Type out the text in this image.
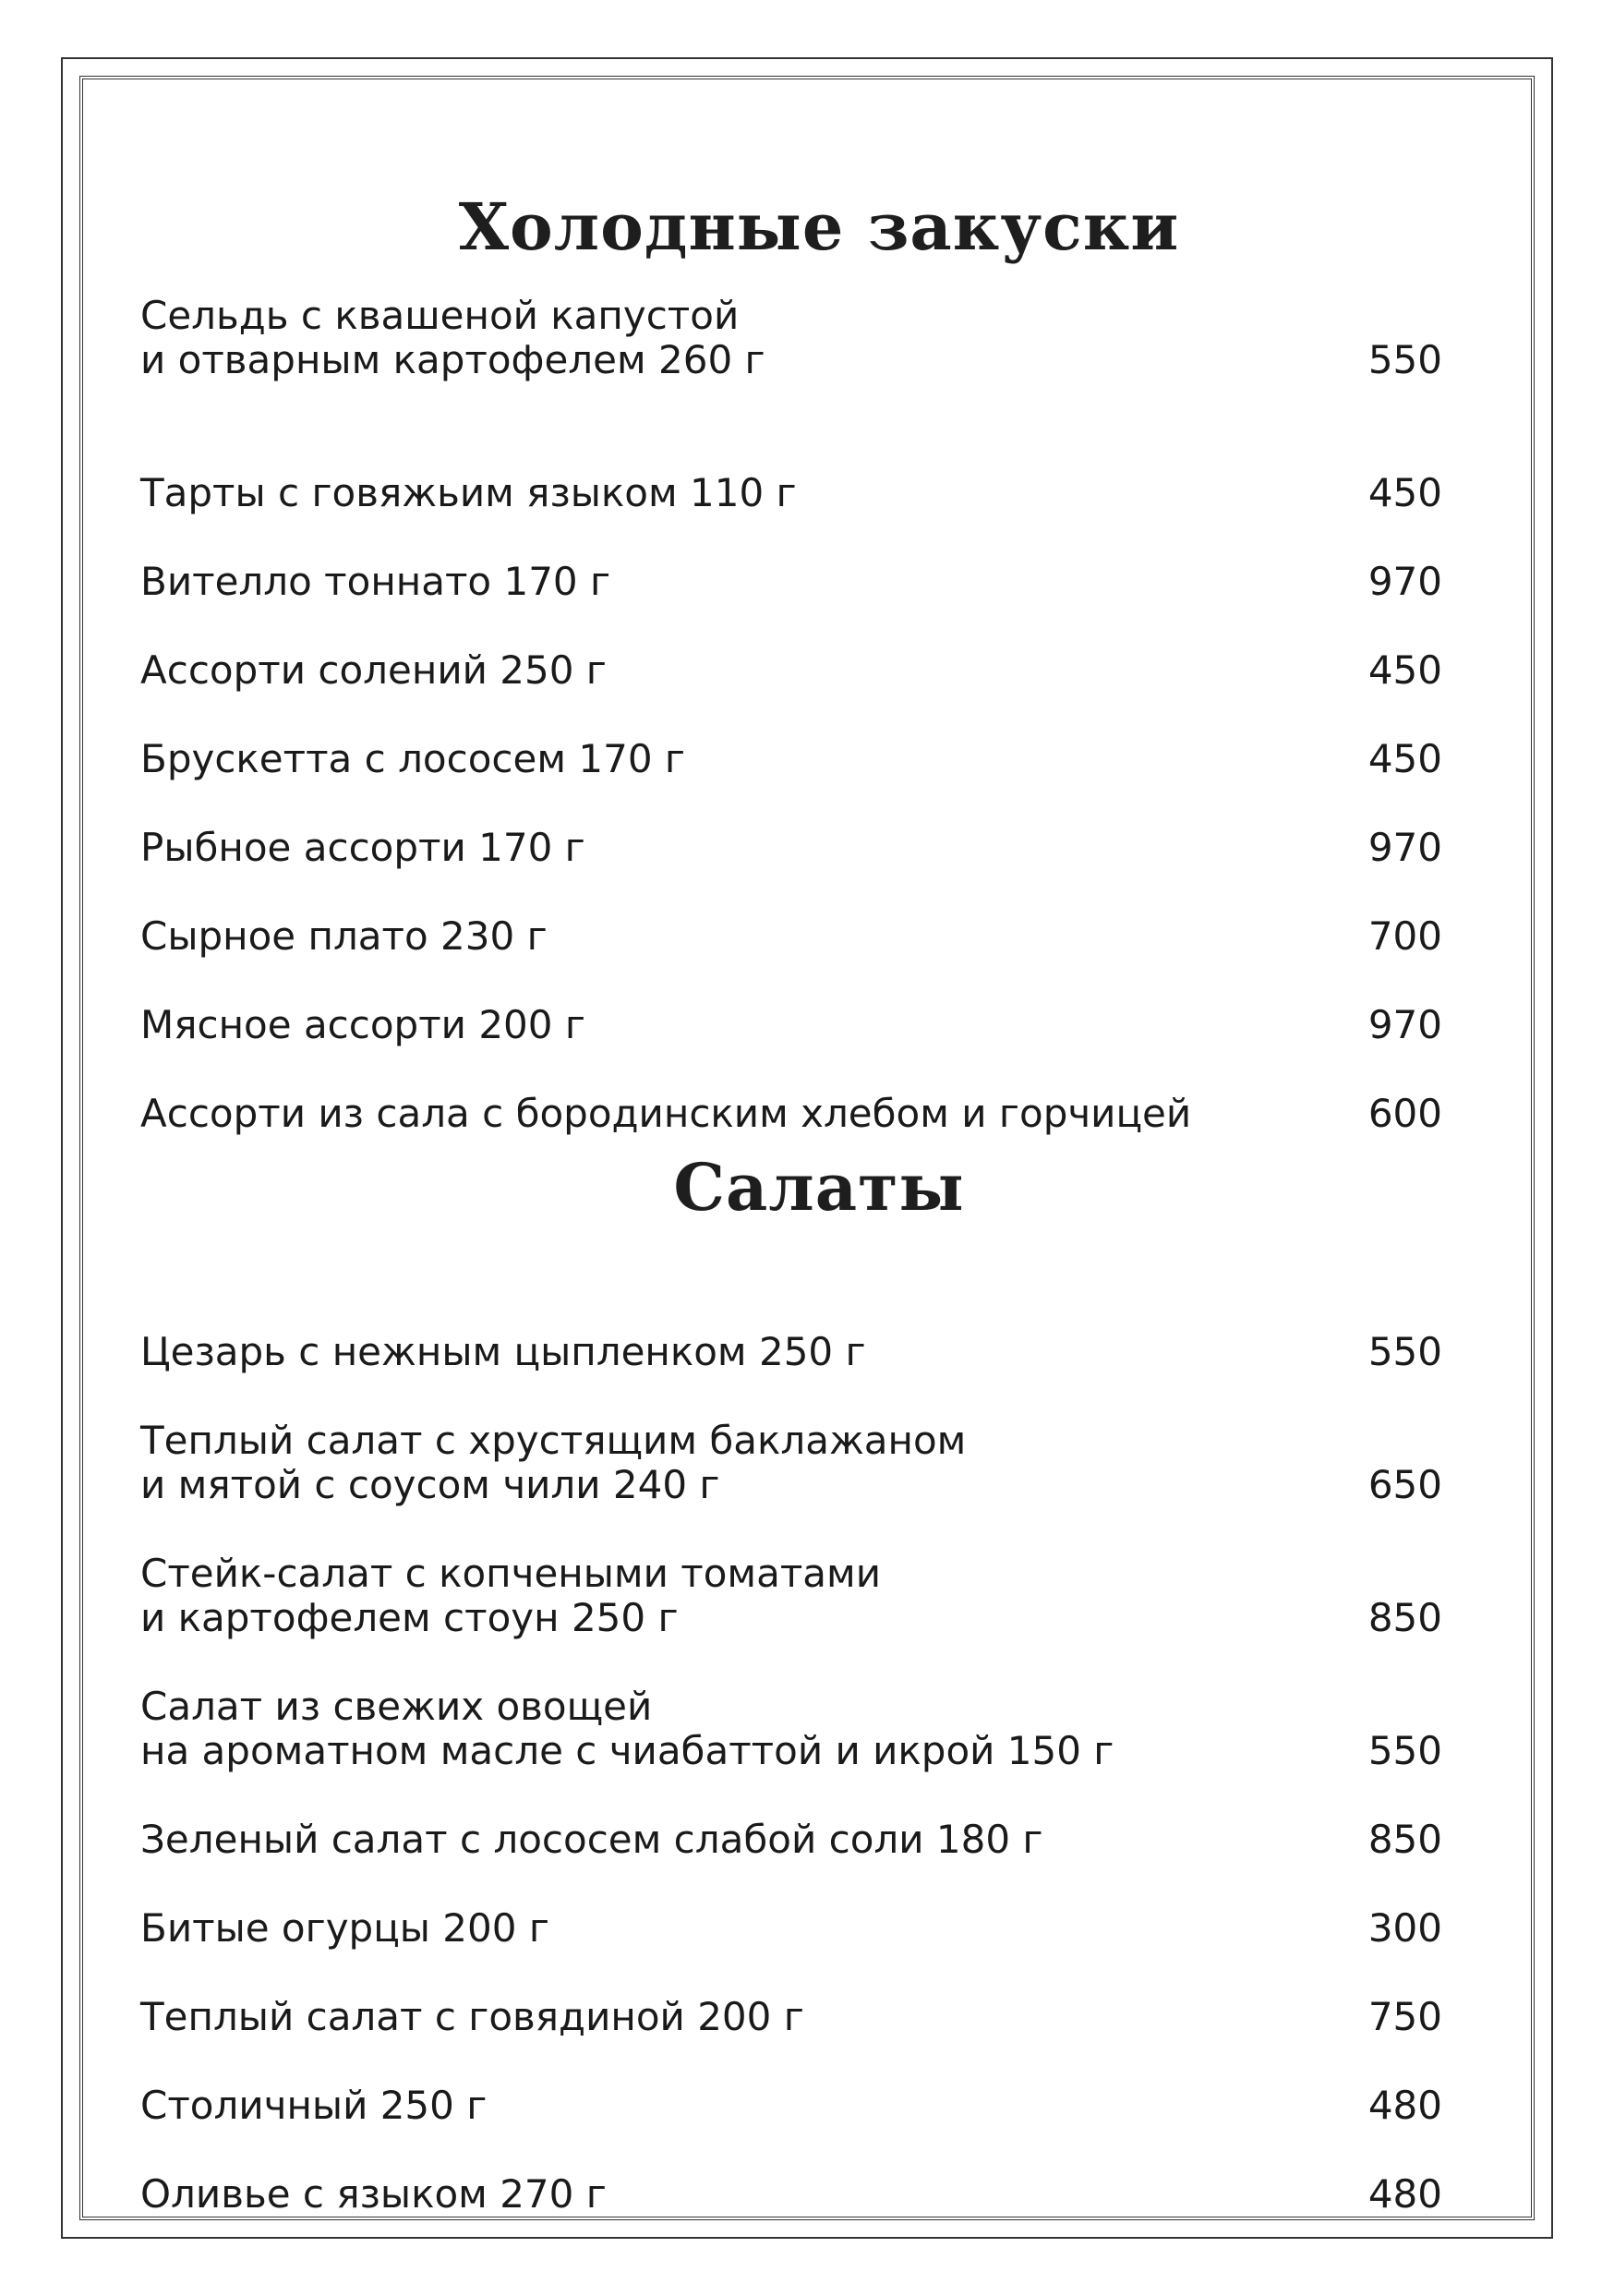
Холодные закуски
Сельдь с квашеной капустой
и отварным картофелем 260 г	550
Тарты с говяжьим языком 110 г	450
Вителло тоннато 170 г	970
Ассорти солений 250 г	450
Брускетта с лососем 170 г	450
Рыбное ассорти 170 г	970
Сырное плато 230 г	700
Мясное ассорти 200 г	970
Ассорти из сала с бородинским хлебом и горчицей	600
Салаты
Цезарь с нежным цыпленком 250 г	550
Теплый салат с хрустящим баклажаном
и мятой с соусом чили 240 г	650
Стейк-салат с копчеными томатами
и картофелем стоун 250 г	850
Салат из свежих овощей
на ароматном масле с чиабаттой и икрой 150 г	550
Зеленый салат с лососем слабой соли 180 г	850
Битые огурцы 200 г	300
Теплый салат с говядиной 200 г	750
Столичный 250 г	480
Оливье с языком 270 г	480
